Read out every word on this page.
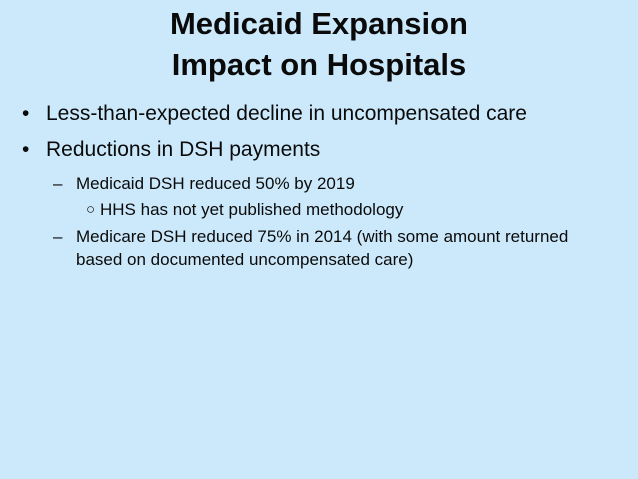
Medicaid Expansion
Impact on Hospitals
• Less-than-expected decline in uncompensated care
• Reductions in DSH payments
– Medicaid DSH reduced 50% by 2019
○ HHS has not yet published methodology
– Medicare DSH reduced 75% in 2014 (with some amount returned based on documented uncompensated care)
